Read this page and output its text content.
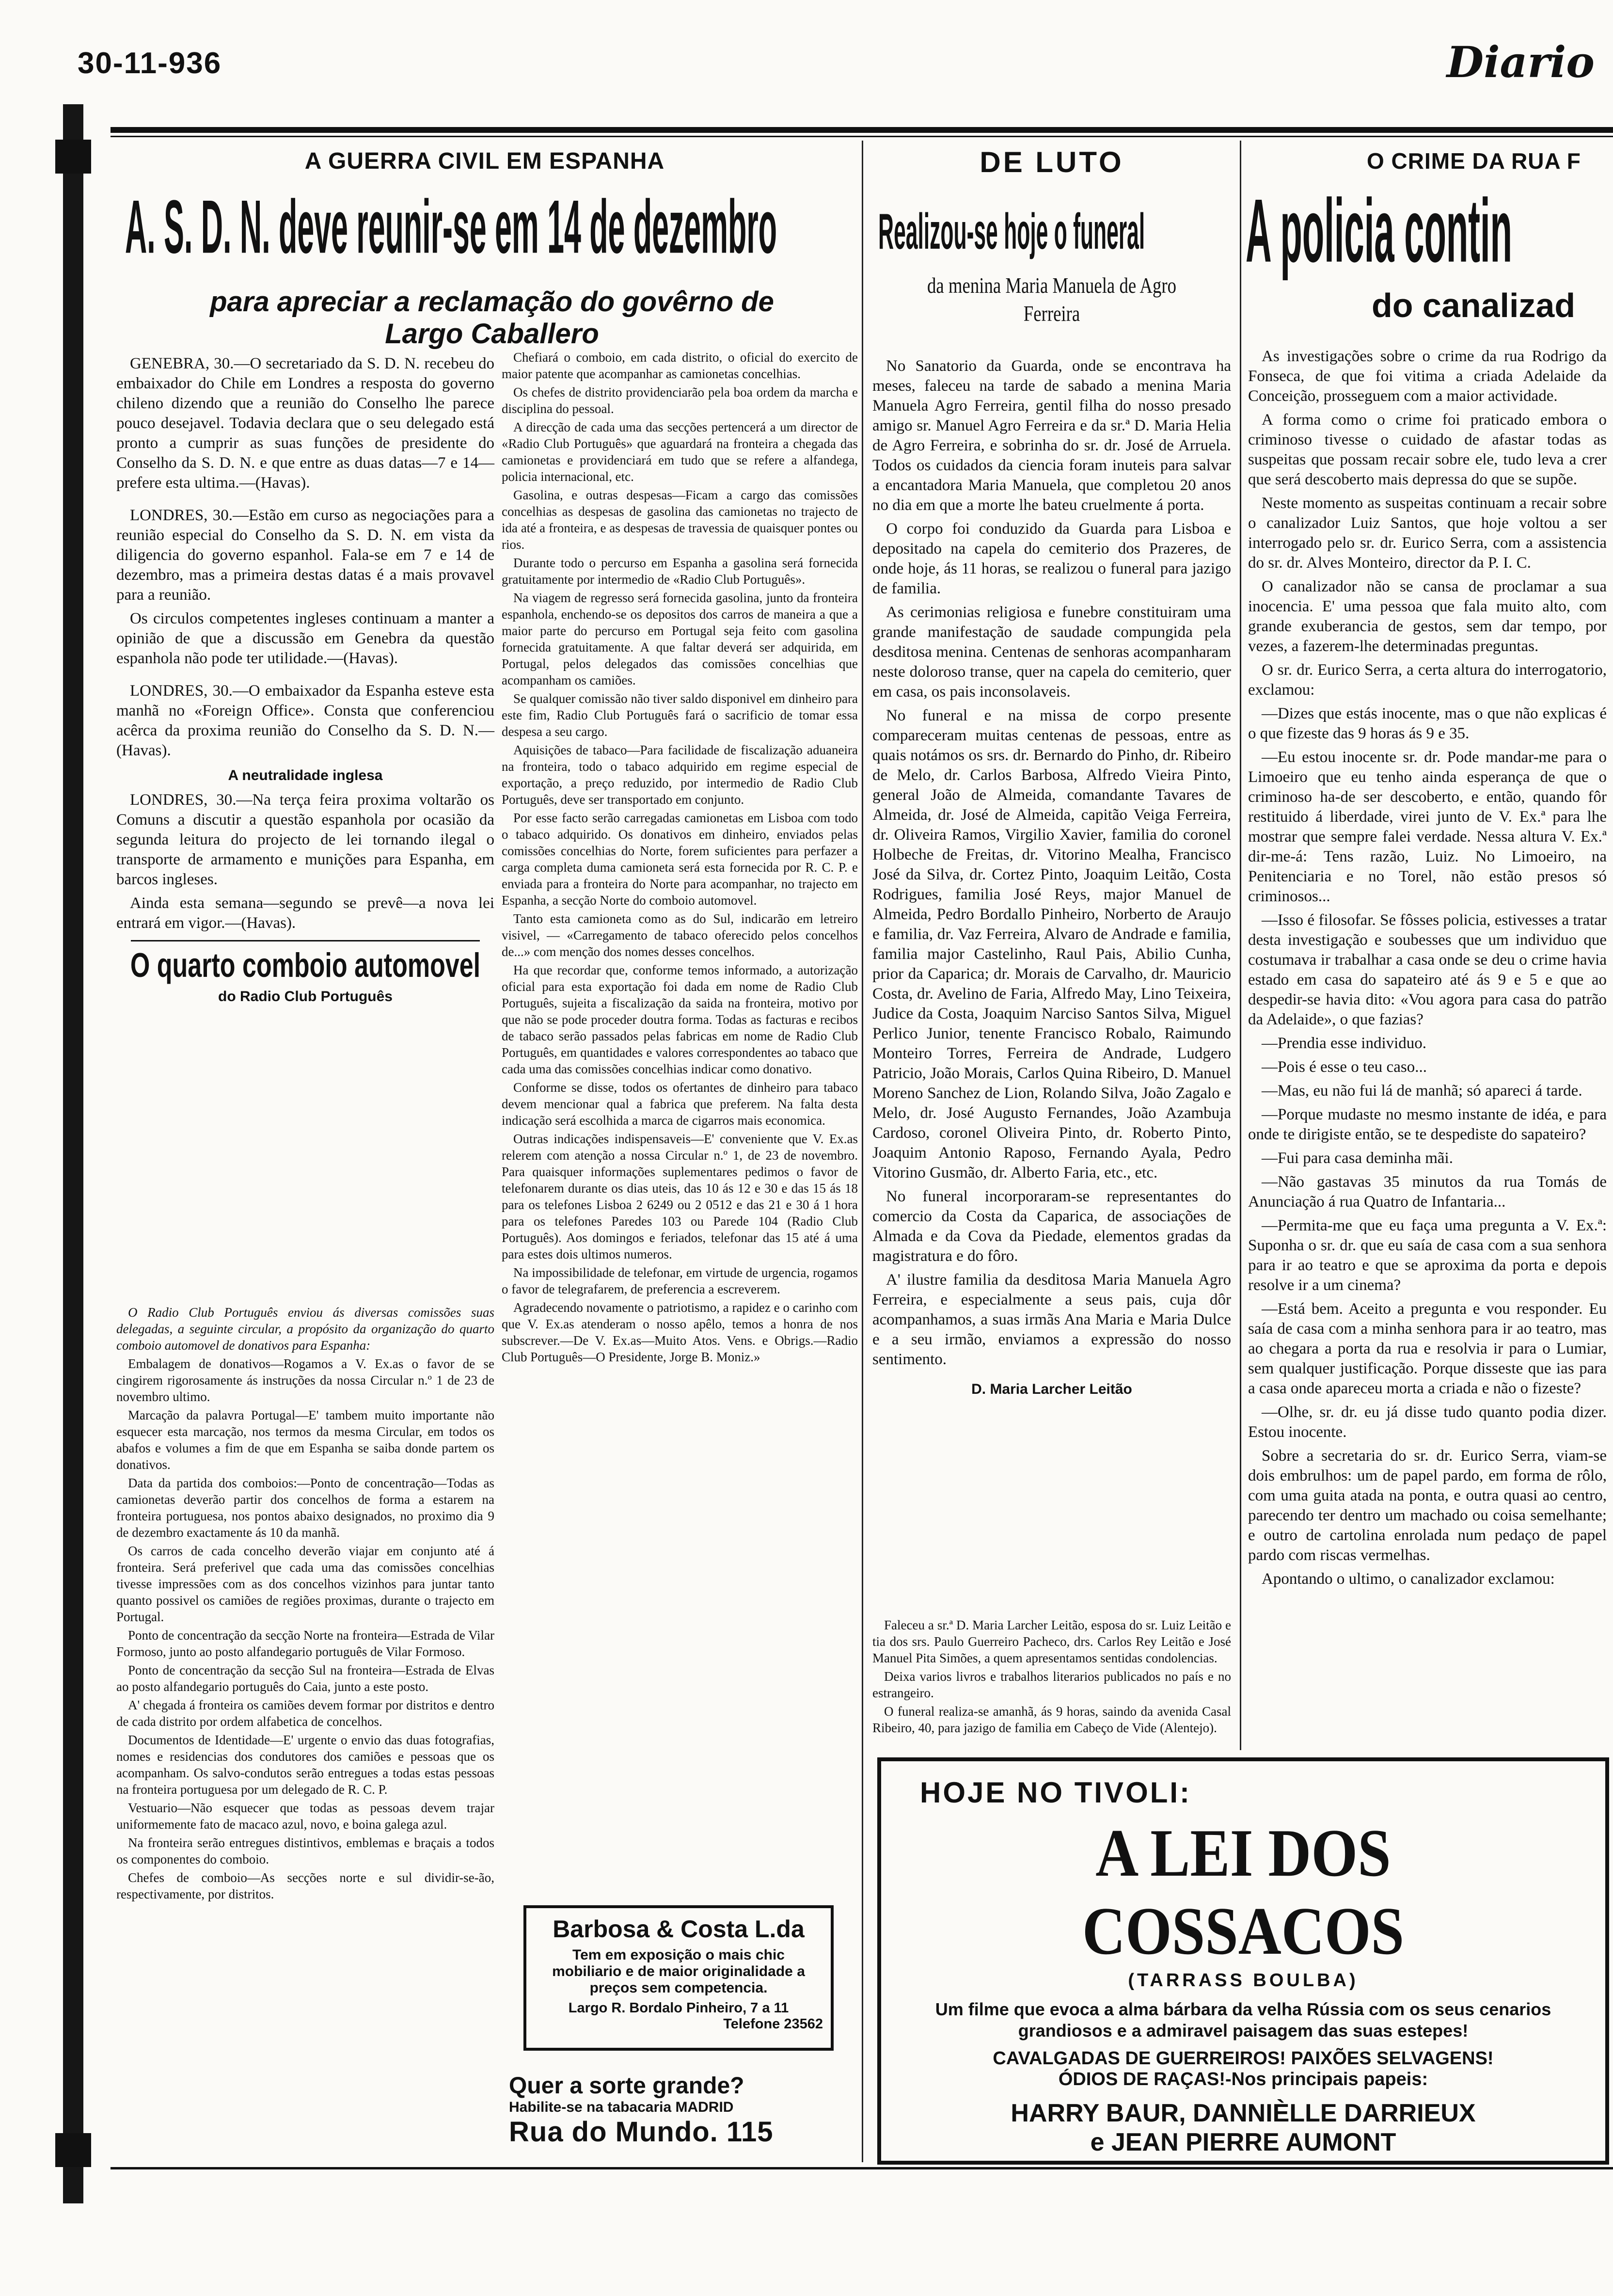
30-11-936	Diario
A GUERRA CIVIL EM ESPANHA
A. S. D. N. deve reunir-se em 14 de dezembro
para apreciar a reclamação do govêrno de Largo Caballero

GENEBRA, 30.—O secretariado da S. D. N. recebeu do embaixador do Chile em Londres a resposta do governo chileno dizendo que a reunião do Conselho lhe parece pouco desejavel. Todavia declara que o seu delegado está pronto a cumprir as suas funções de presidente do Conselho da S. D. N. e que entre as duas datas—7 e 14—prefere esta ultima.—(Havas).

LONDRES, 30.—Estão em curso as negociações para a reunião especial do Conselho da S. D. N. em vista da diligencia do governo espanhol. Fala-se em 7 e 14 de dezembro, mas a primeira destas datas é a mais provavel para a reunião.

Os circulos competentes ingleses continuam a manter a opinião de que a discussão em Genebra da questão espanhola não pode ter utilidade.—(Havas).

LONDRES, 30.—O embaixador da Espanha esteve esta manhã no «Foreign Office». Consta que conferenciou acêrca da proxima reunião do Conselho da S. D. N.—(Havas).

A neutralidade inglesa

LONDRES, 30.—Na terça feira proxima voltarão os Comuns a discutir a questão espanhola por ocasião da segunda leitura do projecto de lei tornando ilegal o transporte de armamento e munições para Espanha, em barcos ingleses.

Ainda esta semana—segundo se prevê—a nova lei entrará em vigor.—(Havas).

O quarto comboio automovel
do Radio Club Português

O Radio Club Português enviou ás diversas comissões suas delegadas, a seguinte circular, a propósito da organização do quarto comboio automovel de donativos para Espanha:

Embalagem de donativos—Rogamos a V. Ex.as o favor de se cingirem rigorosamente ás instruções da nossa Circular n.º 1 de 23 de novembro ultimo.

Marcação da palavra Portugal—E' tambem muito importante não esquecer esta marcação, nos termos da mesma Circular, em todos os abafos e volumes a fim de que em Espanha se saiba donde partem os donativos.

Data da partida dos comboios:—Ponto de concentração—Todas as camionetas deverão partir dos concelhos de forma a estarem na fronteira portuguesa, nos pontos abaixo designados, no proximo dia 9 de dezembro exactamente ás 10 da manhã.

Os carros de cada concelho deverão viajar em conjunto até á fronteira. Será preferivel que cada uma das comissões concelhias tivesse impressões com as dos concelhos vizinhos para juntar tanto quanto possivel os camiões de regiões proximas, durante o trajecto em Portugal.

Ponto de concentração da secção Norte na fronteira—Estrada de Vilar Formoso, junto ao posto alfandegario português de Vilar Formoso.

Ponto de concentração da secção Sul na fronteira—Estrada de Elvas ao posto alfandegario português do Caia, junto a este posto.

A' chegada á fronteira os camiões devem formar por distritos e dentro de cada distrito por ordem alfabetica de concelhos.

Documentos de Identidade—E' urgente o envio das duas fotografias, nomes e residencias dos condutores dos camiões e pessoas que os acompanham. Os salvo-condutos serão entregues a todas estas pessoas na fronteira portuguesa por um delegado de R. C. P.

Vestuario—Não esquecer que todas as pessoas devem trajar uniformemente fato de macaco azul, novo, e boina galega azul.

Na fronteira serão entregues distintivos, emblemas e braçais a todos os componentes do comboio.

Chefes de comboio—As secções norte e sul dividir-se-ão, respectivamente, por distritos.

Chefiará o comboio, em cada distrito, o oficial do exercito de maior patente que acompanhar as camionetas concelhias.

Os chefes de distrito providenciarão pela boa ordem da marcha e disciplina do pessoal.

A direcção de cada uma das secções pertencerá a um director de «Radio Club Português» que aguardará na fronteira a chegada das camionetas e providenciará em tudo que se refere a alfandega, policia internacional, etc.

Gasolina, e outras despesas—Ficam a cargo das comissões concelhias as despesas de gasolina das camionetas no trajecto de ida até a fronteira, e as despesas de travessia de quaisquer pontes ou rios.

Durante todo o percurso em Espanha a gasolina será fornecida gratuitamente por intermedio de «Radio Club Português».

Na viagem de regresso será fornecida gasolina, junto da fronteira espanhola, enchendo-se os depositos dos carros de maneira a que a maior parte do percurso em Portugal seja feito com gasolina fornecida gratuitamente. A que faltar deverá ser adquirida, em Portugal, pelos delegados das comissões concelhias que acompanham os camiões.

Se qualquer comissão não tiver saldo disponivel em dinheiro para este fim, Radio Club Português fará o sacrificio de tomar essa despesa a seu cargo.

Aquisições de tabaco—Para facilidade de fiscalização aduaneira na fronteira, todo o tabaco adquirido em regime especial de exportação, a preço reduzido, por intermedio de Radio Club Português, deve ser transportado em conjunto.

Por esse facto serão carregadas camionetas em Lisboa com todo o tabaco adquirido. Os donativos em dinheiro, enviados pelas comissões concelhias do Norte, forem suficientes para perfazer a carga completa duma camioneta será esta fornecida por R. C. P. e enviada para a fronteira do Norte para acompanhar, no trajecto em Espanha, a secção Norte do comboio automovel.

Tanto esta camioneta como as do Sul, indicarão em letreiro visivel, — «Carregamento de tabaco oferecido pelos concelhos de...» com menção dos nomes desses concelhos.

Ha que recordar que, conforme temos informado, a autorização oficial para esta exportação foi dada em nome de Radio Club Português, sujeita a fiscalização da saida na fronteira, motivo por que não se pode proceder doutra forma. Todas as facturas e recibos de tabaco serão passados pelas fabricas em nome de Radio Club Português, em quantidades e valores correspondentes ao tabaco que cada uma das comissões concelhias indicar como donativo.

Conforme se disse, todos os ofertantes de dinheiro para tabaco devem mencionar qual a fabrica que preferem. Na falta desta indicação será escolhida a marca de cigarros mais economica.

Outras indicações indispensaveis—E' conveniente que V. Ex.as relerem com atenção a nossa Circular n.º 1, de 23 de novembro. Para quaisquer informações suplementares pedimos o favor de telefonarem durante os dias uteis, das 10 ás 12 e 30 e das 15 ás 18 para os telefones Lisboa 2 6249 ou 2 0512 e das 21 e 30 á 1 hora para os telefones Paredes 103 ou Parede 104 (Radio Club Português). Aos domingos e feriados, telefonar das 15 até á uma para estes dois ultimos numeros.

Na impossibilidade de telefonar, em virtude de urgencia, rogamos o favor de telegrafarem, de preferencia a escreverem.

Agradecendo novamente o patriotismo, a rapidez e o carinho com que V. Ex.as atenderam o nosso apêlo, temos a honra de nos subscrever.—De V. Ex.as—Muito Atos. Vens. e Obrigs.—Radio Club Português—O Presidente, Jorge B. Moniz.»

Barbosa & Costa L.da
Tem em exposição o mais chic mobiliario e de maior originalidade a preços sem competencia.
Largo R. Bordalo Pinheiro, 7 a 11
Telefone 23562
Quer a sorte grande?
Habilite-se na tabacaria MADRID
Rua do Mundo. 115
DE LUTO
Realizou-se hoje o funeral
da menina Maria Manuela de Agro Ferreira

No Sanatorio da Guarda, onde se encontrava ha meses, faleceu na tarde de sabado a menina Maria Manuela Agro Ferreira, gentil filha do nosso presado amigo sr. Manuel Agro Ferreira e da sr.ª D. Maria Helia de Agro Ferreira, e sobrinha do sr. dr. José de Arruela. Todos os cuidados da ciencia foram inuteis para salvar a encantadora Maria Manuela, que completou 20 anos no dia em que a morte lhe bateu cruelmente á porta.

O corpo foi conduzido da Guarda para Lisboa e depositado na capela do cemiterio dos Prazeres, de onde hoje, ás 11 horas, se realizou o funeral para jazigo de familia.

As cerimonias religiosa e funebre constituiram uma grande manifestação de saudade compungida pela desditosa menina. Centenas de senhoras acompanharam neste doloroso transe, quer na capela do cemiterio, quer em casa, os pais inconsolaveis.

No funeral e na missa de corpo presente compareceram muitas centenas de pessoas, entre as quais notámos os srs. dr. Bernardo do Pinho, dr. Ribeiro de Melo, dr. Carlos Barbosa, Alfredo Vieira Pinto, general João de Almeida, comandante Tavares de Almeida, dr. José de Almeida, capitão Veiga Ferreira, dr. Oliveira Ramos, Virgilio Xavier, familia do coronel Holbeche de Freitas, dr. Vitorino Mealha, Francisco José da Silva, dr. Cortez Pinto, Joaquim Leitão, Costa Rodrigues, familia José Reys, major Manuel de Almeida, Pedro Bordallo Pinheiro, Norberto de Araujo e familia, dr. Vaz Ferreira, Alvaro de Andrade e familia, familia major Castelinho, Raul Pais, Abilio Cunha, prior da Caparica; dr. Morais de Carvalho, dr. Mauricio Costa, dr. Avelino de Faria, Alfredo May, Lino Teixeira, Judice da Costa, Joaquim Narciso Santos Silva, Miguel Perlico Junior, tenente Francisco Robalo, Raimundo Monteiro Torres, Ferreira de Andrade, Ludgero Patricio, João Morais, Carlos Quina Ribeiro, D. Manuel Moreno Sanchez de Lion, Rolando Silva, João Zagalo e Melo, dr. José Augusto Fernandes, João Azambuja Cardoso, coronel Oliveira Pinto, dr. Roberto Pinto, Joaquim Antonio Raposo, Fernando Ayala, Pedro Vitorino Gusmão, dr. Alberto Faria, etc., etc.

No funeral incorporaram-se representantes do comercio da Costa da Caparica, de associações de Almada e da Cova da Piedade, elementos gradas da magistratura e do fôro.

A' ilustre familia da desditosa Maria Manuela Agro Ferreira, e especialmente a seus pais, cuja dôr acompanhamos, a suas irmãs Ana Maria e Maria Dulce e a seu irmão, enviamos a expressão do nosso sentimento.

D. Maria Larcher Leitão

Faleceu a sr.ª D. Maria Larcher Leitão, esposa do sr. Luiz Leitão e tia dos srs. Paulo Guerreiro Pacheco, drs. Carlos Rey Leitão e José Manuel Pita Simões, a quem apresentamos sentidas condolencias.

Deixa varios livros e trabalhos literarios publicados no país e no estrangeiro.

O funeral realiza-se amanhã, ás 9 horas, saindo da avenida Casal Ribeiro, 40, para jazigo de familia em Cabeço de Vide (Alentejo).

O CRIME DA RUA F
A policia contin
do canalizad

As investigações sobre o crime da rua Rodrigo da Fonseca, de que foi vitima a criada Adelaide da Conceição, prosseguem com a maior actividade.

A forma como o crime foi praticado embora o criminoso tivesse o cuidado de afastar todas as suspeitas que possam recair sobre ele, tudo leva a crer que será descoberto mais depressa do que se supõe.

Neste momento as suspeitas continuam a recair sobre o canalizador Luiz Santos, que hoje voltou a ser interrogado pelo sr. dr. Eurico Serra, com a assistencia do sr. dr. Alves Monteiro, director da P. I. C.

O canalizador não se cansa de proclamar a sua inocencia. E' uma pessoa que fala muito alto, com grande exuberancia de gestos, sem dar tempo, por vezes, a fazerem-lhe determinadas preguntas.

O sr. dr. Eurico Serra, a certa altura do interrogatorio, exclamou:

—Dizes que estás inocente, mas o que não explicas é o que fizeste das 9 horas ás 9 e 35.

—Eu estou inocente sr. dr. Pode mandar-me para o Limoeiro que eu tenho ainda esperança de que o criminoso ha-de ser descoberto, e então, quando fôr restituido á liberdade, virei junto de V. Ex.ª para lhe mostrar que sempre falei verdade. Nessa altura V. Ex.ª dir-me-á: Tens razão, Luiz. No Limoeiro, na Penitenciaria e no Torel, não estão presos só criminosos...

—Isso é filosofar. Se fôsses policia, estivesses a tratar desta investigação e soubesses que um individuo que costumava ir trabalhar a casa onde se deu o crime havia estado em casa do sapateiro até ás 9 e 5 e que ao despedir-se havia dito: «Vou agora para casa do patrão da Adelaide», o que fazias?

—Prendia esse individuo.

—Pois é esse o teu caso...

—Mas, eu não fui lá de manhã; só apareci á tarde.

—Porque mudaste no mesmo instante de idéa, e para onde te dirigiste então, se te despediste do sapateiro?

—Fui para casa deminha mãi.

—Não gastavas 35 minutos da rua Tomás de Anunciação á rua Quatro de Infantaria...

—Permita-me que eu faça uma pregunta a V. Ex.ª: Suponha o sr. dr. que eu saía de casa com a sua senhora para ir ao teatro e que se aproxima da porta e depois resolve ir a um cinema?

—Está bem. Aceito a pregunta e vou responder. Eu saía de casa com a minha senhora para ir ao teatro, mas ao chegara a porta da rua e resolvia ir para o Lumiar, sem qualquer justificação. Porque disseste que ias para a casa onde apareceu morta a criada e não o fizeste?

—Olhe, sr. dr. eu já disse tudo quanto podia dizer. Estou inocente.

Sobre a secretaria do sr. dr. Eurico Serra, viam-se dois embrulhos: um de papel pardo, em forma de rôlo, com uma guita atada na ponta, e outra quasi ao centro, parecendo ter dentro um machado ou coisa semelhante; e outro de cartolina enrolada num pedaço de papel pardo com riscas vermelhas.

Apontando o ultimo, o canalizador exclamou:

HOJE NO TIVOLI:
A LEI DOS COSSACOS
(TARRASS BOULBA)
Um filme que evoca a alma bárbara da velha Rússia com os seus cenarios grandiosos e a admiravel paisagem das suas estepes!
CAVALGADAS DE GUERREIROS! PAIXÕES SELVAGENS!
ÓDIOS DE RAÇAS!-Nos principais papeis:
HARRY BAUR, DANNIÈLLE DARRIEUX
e JEAN PIERRE AUMONT
